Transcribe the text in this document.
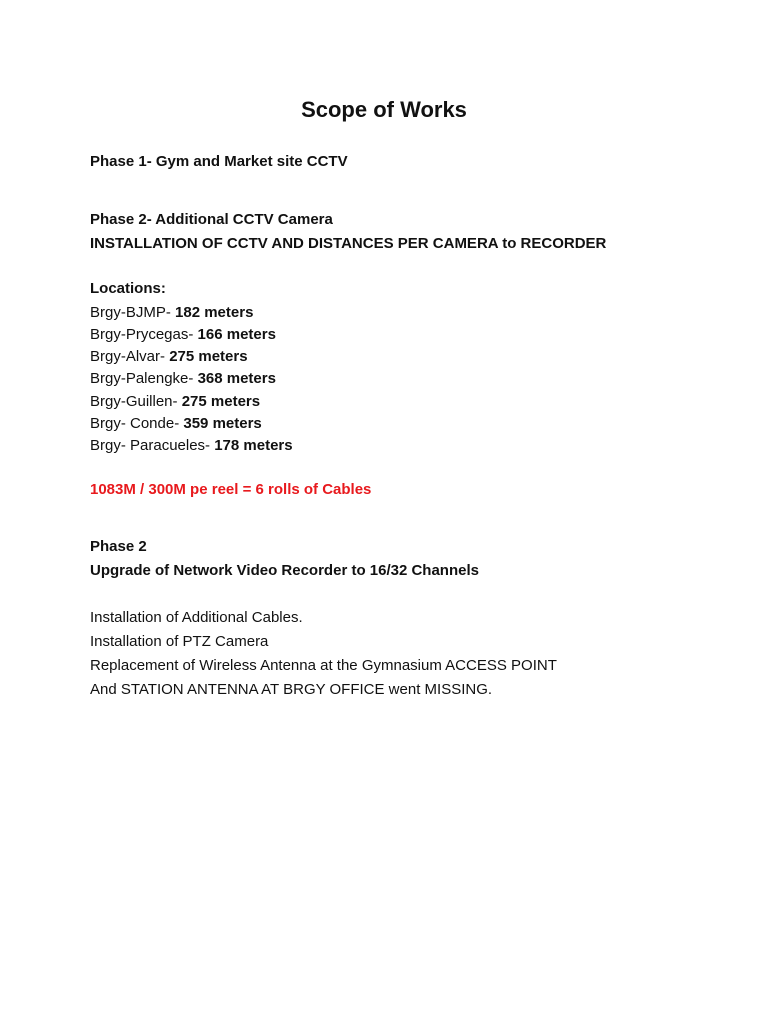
Scope of Works
Phase 1- Gym and Market site CCTV
Phase 2- Additional CCTV Camera
INSTALLATION OF CCTV AND DISTANCES PER CAMERA to RECORDER
Locations:
Brgy-BJMP- 182 meters
Brgy-Prycegas- 166 meters
Brgy-Alvar- 275 meters
Brgy-Palengke- 368 meters
Brgy-Guillen- 275 meters
Brgy- Conde- 359 meters
Brgy- Paracueles- 178 meters
1083M / 300M pe reel = 6 rolls of Cables
Phase 2
Upgrade of Network Video Recorder to 16/32 Channels
Installation of Additional Cables.
Installation of PTZ Camera
Replacement of Wireless Antenna at the Gymnasium ACCESS POINT
And STATION ANTENNA AT BRGY OFFICE went MISSING.
